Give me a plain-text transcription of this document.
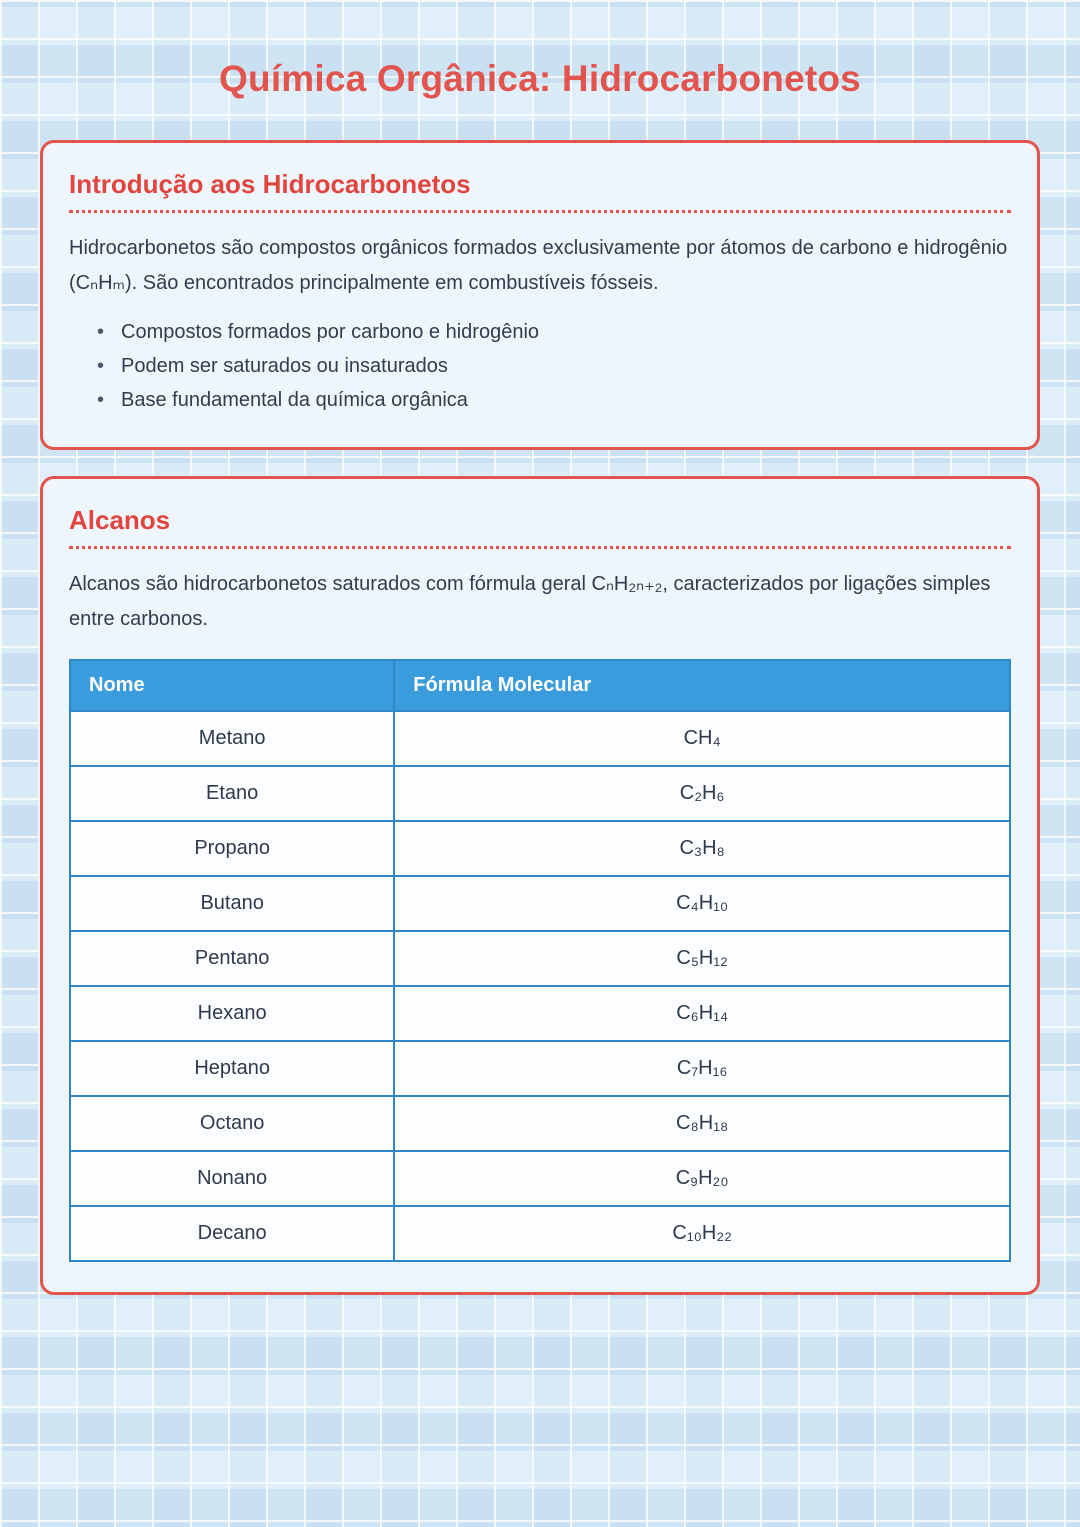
Química Orgânica: Hidrocarbonetos
Introdução aos Hidrocarbonetos

Hidrocarbonetos são compostos orgânicos formados exclusivamente por átomos de carbono e hidrogênio (CₙHₘ). São encontrados principalmente em combustíveis fósseis.

• Compostos formados por carbono e hidrogênio
• Podem ser saturados ou insaturados
• Base fundamental da química orgânica
Alcanos

Alcanos são hidrocarbonetos saturados com fórmula geral CₙH₂ₙ₊₂, caracterizados por ligações simples entre carbonos.

Nome	Fórmula Molecular
Metano	CH₄
Etano	C₂H₆
Propano	C₃H₈
Butano	C₄H₁₀
Pentano	C₅H₁₂
Hexano	C₆H₁₄
Heptano	C₇H₁₆
Octano	C₈H₁₈
Nonano	C₉H₂₀
Decano	C₁₀H₂₂
